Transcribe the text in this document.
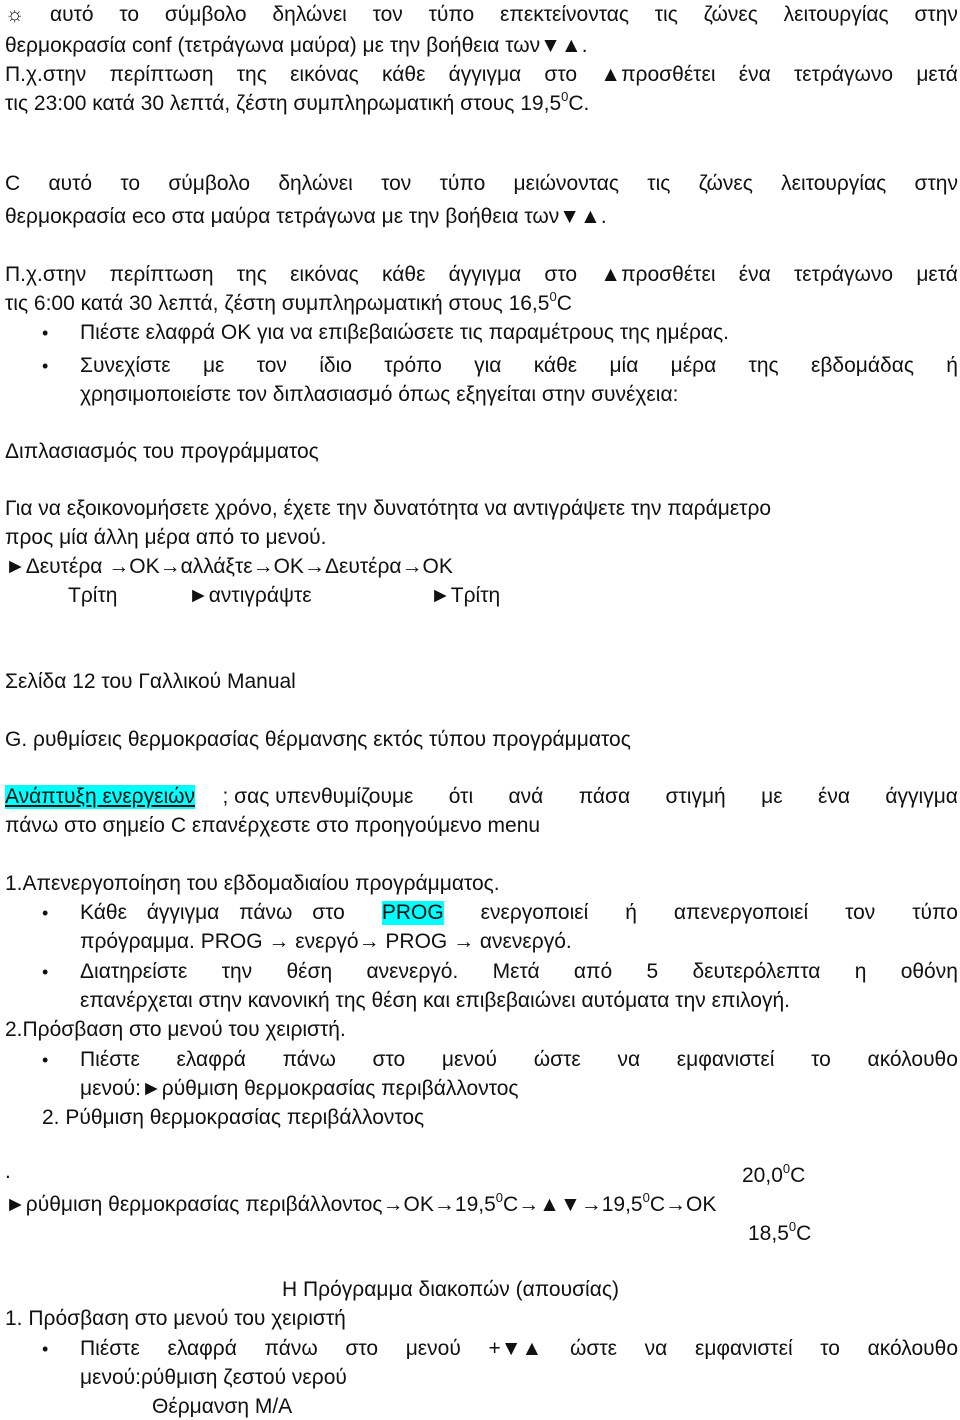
☼ αυτό το σύμβολο δηλώνει τον τύπο επεκτείνοντας τις ζώνες λειτουργίας στην
θερμοκρασία conf (τετράγωνα μαύρα) με την βοήθεια των▼▲.
Π.χ.στην περίπτωση της εικόνας κάθε άγγιγμα στο ▲προσθέτει ένα τετράγωνο μετά
τις 23:00 κατά 30 λεπτά, ζέστη συμπληρωματική στους 19,5$^0$C.
C αυτό το σύμβολο δηλώνει τον τύπο μειώνοντας τις ζώνες λειτουργίας στην
θερμοκρασία eco στα μαύρα τετράγωνα με την βοήθεια των▼▲.
Π.χ.στην περίπτωση της εικόνας κάθε άγγιγμα στο ▲προσθέτει ένα τετράγωνο μετά
τις 6:00 κατά 30 λεπτά, ζέστη συμπληρωματική στους 16,5$^0$C
• Πιέστε ελαφρά ΟΚ για να επιβεβαιώσετε τις παραμέτρους της ημέρας.
• Συνεχίστε με τον ίδιο τρόπο για κάθε μία μέρα της εβδομάδας ή
χρησιμοποιείστε τον διπλασιασμό όπως εξηγείται στην συνέχεια:
Διπλασιασμός του προγράμματος
Για να εξοικονομήσετε χρόνο, έχετε την δυνατότητα να αντιγράψετε την παράμετρο
προς μία άλλη μέρα από το μενού.
►Δευτέρα →ΟΚ→αλλάξτε→ΟΚ→Δευτέρα→ΟΚ
Τρίτη	►αντιγράψτε	►Τρίτη
Σελίδα 12 του Γαλλικού Manual
G. ρυθμίσεις θερμοκρασίας θέρμανσης εκτός τύπου προγράμματος
Ανάπτυξη ενεργειών ; σας υπενθυμίζουμε ότι ανά πάσα στιγμή με ένα άγγιγμα
πάνω στο σημείο C επανέρχεστε στο προηγούμενο menu
1.Απενεργοποίηση του εβδομαδιαίου προγράμματος.
• Κάθε άγγιγμα πάνω στο PROG ενεργοποιεί ή απενεργοποιεί τον τύπο
πρόγραμμα. PROG → ενεργό→ PROG → ανενεργό.
• Διατηρείστε την θέση ανενεργό. Μετά από 5 δευτερόλεπτα η οθόνη
επανέρχεται στην κανονική της θέση και επιβεβαιώνει αυτόματα την επιλογή.
2.Πρόσβαση στο μενού του χειριστή.
• Πιέστε ελαφρά πάνω στο μενού ώστε να εμφανιστεί το ακόλουθο
μενού:►ρύθμιση θερμοκρασίας περιβάλλοντος
2. Ρύθμιση θερμοκρασίας περιβάλλοντος
.	20,0$^0$C
►ρύθμιση θερμοκρασίας $\pi\varepsilon\rho\iota\beta ά\lambda\lambda o\nu\tau o\varsigma\to OK\to 19,5^0C\to▲▼\to 19,5^0C\to OK$
18,5$^0$C
Η Πρόγραμμα διακοπών (απουσίας)
1. Πρόσβαση στο μενού του χειριστή
• Πιέστε ελαφρά πάνω στο μενού +▼▲ ώστε να εμφανιστεί το ακόλουθο
μενού:ρύθμιση ζεστού νερού
Θέρμανση Μ/Α
